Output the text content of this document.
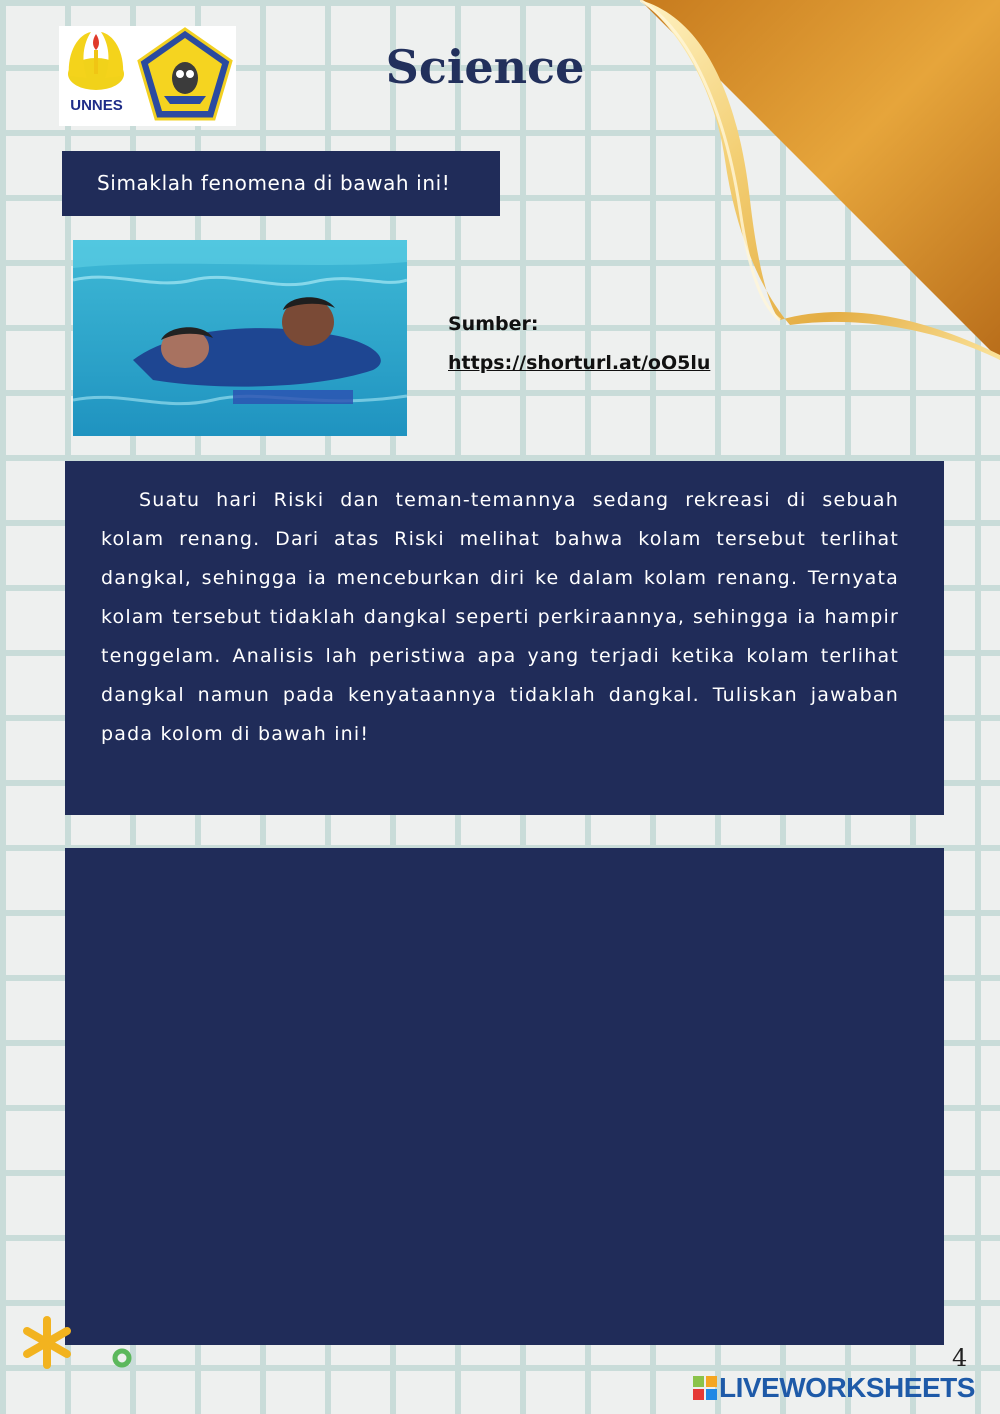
UNNES
Science
Simaklah fenomena di bawah ini!
Sumber:
https://shorturl.at/oO5lu

Suatu hari Riski dan teman-temannya sedang rekreasi di sebuah kolam renang. Dari atas Riski melihat bahwa kolam tersebut terlihat dangkal, sehingga ia menceburkan diri ke dalam kolam renang. Ternyata kolam tersebut tidaklah dangkal seperti perkiraannya, sehingga ia hampir tenggelam. Analisis lah peristiwa apa yang terjadi ketika kolam terlihat dangkal namun pada kenyataannya tidaklah dangkal. Tuliskan jawaban pada kolom di bawah ini!

4
LIVEWORKSHEETS
